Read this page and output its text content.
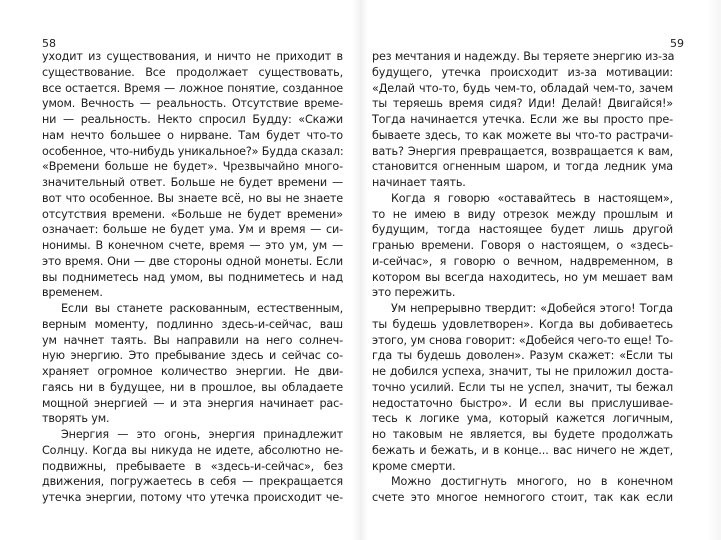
58
уходит из существования, и ничто не приходит в
существование. Все продолжает существовать,
все остается. Время — ложное понятие, созданное
умом. Вечность — реальность. Отсутствие време-
ни — реальность. Некто спросил Будду: «Скажи
нам нечто большее о нирване. Там будет что-то
особенное, что-нибудь уникальное?» Будда сказал:
«Времени больше не будет». Чрезвычайно много-
значительный ответ. Больше не будет времени —
вот что особенное. Вы знаете всё, но вы не знаете
отсутствия времени. «Больше не будет времени»
означает: больше не будет ума. Ум и время — си-
нонимы. В конечном счете, время — это ум, ум —
это время. Они — две стороны одной монеты. Если
вы подниметесь над умом, вы подниметесь и над
временем.
Если вы станете раскованным, естественным,
верным моменту, подлинно здесь-и-сейчас, ваш
ум начнет таять. Вы направили на него солнеч-
ную энергию. Это пребывание здесь и сейчас со-
храняет огромное количество энергии. Не дви-
гаясь ни в будущее, ни в прошлое, вы обладаете
мощной энергией — и эта энергия начинает рас-
творять ум.
Энергия — это огонь, энергия принадлежит
Солнцу. Когда вы никуда не идете, абсолютно не-
подвижны, пребываете в «здесь-и-сейчас», без
движения, погружаетесь в себя — прекращается
утечка энергии, потому что утечка происходит че-
59
рез мечтания и надежду. Вы теряете энергию из-за
будущего, утечка происходит из-за мотивации:
«Делай что-то, будь чем-то, обладай чем-то, зачем
ты теряешь время сидя? Иди! Делай! Двигайся!»
Тогда начинается утечка. Если же вы просто пре-
бываете здесь, то как можете вы что-то растрачи-
вать? Энергия превращается, возвращается к вам,
становится огненным шаром, и тогда ледник ума
начинает таять.
Когда я говорю «оставайтесь в настоящем»,
то не имею в виду отрезок между прошлым и
будущим, тогда настоящее будет лишь другой
гранью времени. Говоря о настоящем, о «здесь-
и-сейчас», я говорю о вечном, надвременном, в
котором вы всегда находитесь, но ум мешает вам
это пережить.
Ум непрерывно твердит: «Добейся этого! Тогда
ты будешь удовлетворен». Когда вы добиваетесь
этого, ум снова говорит: «Добейся чего-то еще! То-
гда ты будешь доволен». Разум скажет: «Если ты
не добился успеха, значит, ты не приложил доста-
точно усилий. Если ты не успел, значит, ты бежал
недостаточно быстро». И если вы прислушивае-
тесь к логике ума, который кажется логичным,
но таковым не является, вы будете продолжать
бежать и бежать, и в конце... вас ничего не ждет,
кроме смерти.
Можно достигнуть многого, но в конечном
счете это многое немногого стоит, так как если
